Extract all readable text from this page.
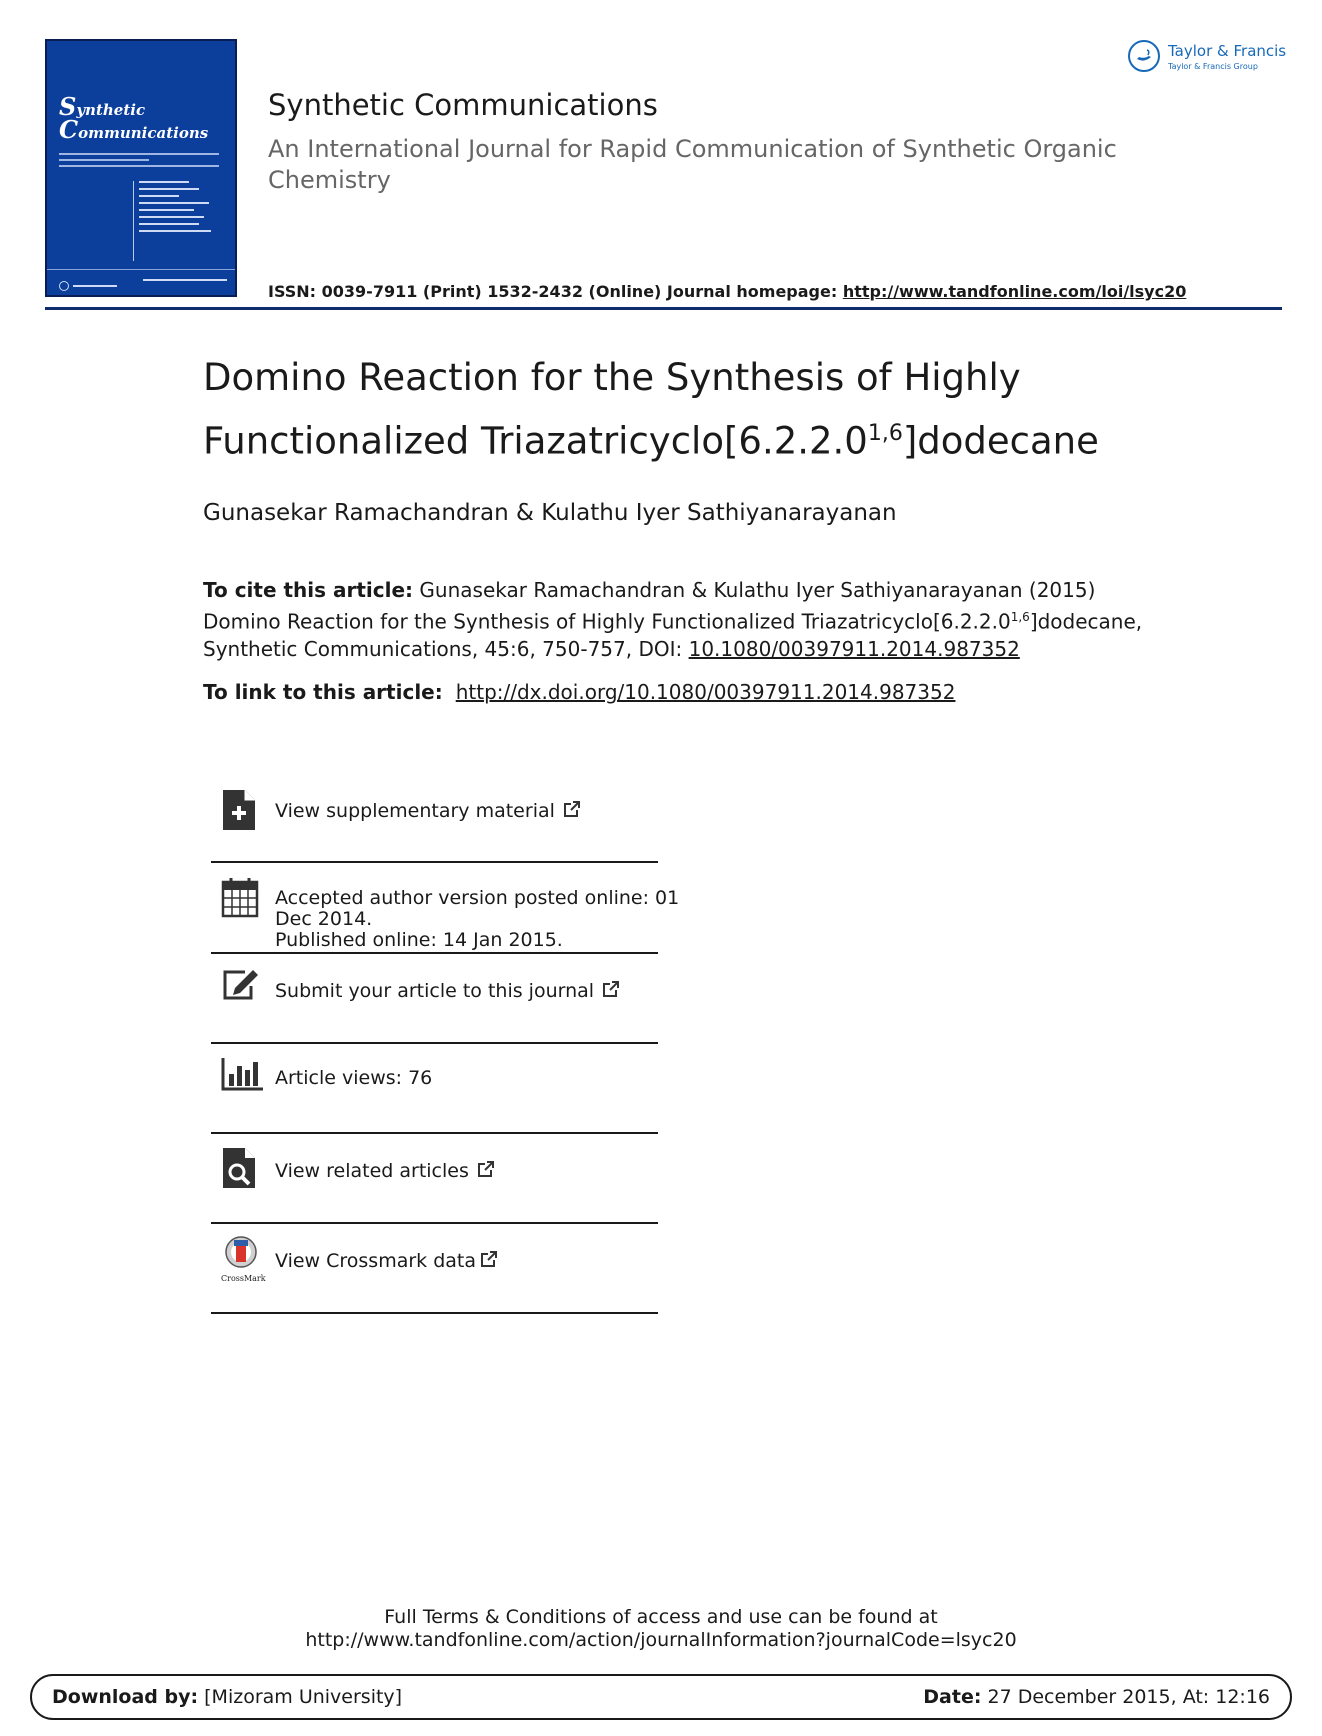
Synthetic
Communications
Synthetic Communications
An International Journal for Rapid Communication of Synthetic Organic Chemistry
ISSN: 0039-7911 (Print) 1532-2432 (Online) Journal homepage: http://www.tandfonline.com/loi/lsyc20
Taylor & Francis
Taylor & Francis Group
Domino Reaction for the Synthesis of Highly
Functionalized Triazatricyclo[6.2.2.0$^{1,6}$]dodecane
Gunasekar Ramachandran & Kulathu Iyer Sathiyanarayanan
To cite this article: Gunasekar Ramachandran & Kulathu Iyer Sathiyanarayanan (2015) Domino Reaction for the Synthesis of Highly Functionalized Triazatricyclo[6.2.2.0$^{1,6}$]dodecane, Synthetic Communications, 45:6, 750-757, DOI: 10.1080/00397911.2014.987352
To link to this article: http://dx.doi.org/10.1080/00397911.2014.987352
View supplementary material
Accepted author version posted online: 01
Dec 2014.
Published online: 14 Jan 2015.
Submit your article to this journal
Article views: 76
View related articles
CrossMark
View Crossmark data
Full Terms & Conditions of access and use can be found at
http://www.tandfonline.com/action/journalInformation?journalCode=lsyc20
Download by: [Mizoram University]	Date: 27 December 2015, At: 12:16
